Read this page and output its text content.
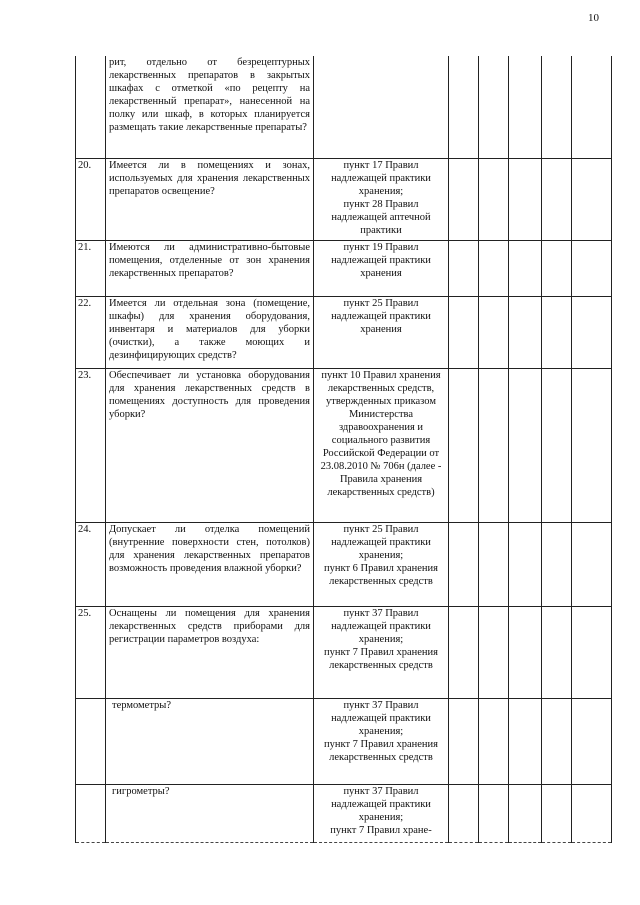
10
	рит, отдельно от безрецептурных лекарственных препаратов в закрытых шкафах с отметкой «по рецепту на лекарственный препарат», нанесенной на полку или шкаф, в которых планируется размещать такие лекарственные препараты?						
20.	Имеется ли в помещениях и зонах, используемых для хранения лекарственных препаратов освещение?	пункт 17 Правил надлежащей практики хранения;
пункт 28 Правил надлежащей аптечной практики					
21.	Имеются ли административно-бытовые помещения, отделенные от зон хранения лекарственных препаратов?	пункт 19 Правил надлежащей практики хранения					
22.	Имеется ли отдельная зона (помещение, шкафы) для хранения оборудования, инвентаря и материалов для уборки (очистки), а также моющих и дезинфицирующих средств?	пункт 25 Правил надлежащей практики хранения					
23.	Обеспечивает ли установка оборудования для хранения лекарственных средств в помещениях доступность для проведения уборки?	пункт 10 Правил хранения лекарственных средств, утвержденных приказом Министерства здравоохранения и социального развития Российской Федерации от 23.08.2010 № 706н (далее - Правила хранения лекарственных средств)					
24.	Допускает ли отделка помещений (внутренние поверхности стен, потолков) для хранения лекарственных препаратов возможность проведения влажной уборки?	пункт 25 Правил надлежащей практики хранения;
пункт 6 Правил хранения лекарственных средств					
25.	Оснащены ли помещения для хранения лекарственных средств приборами для регистрации параметров воздуха:	пункт 37 Правил надлежащей практики хранения;
пункт 7 Правил хранения лекарственных средств					
	термометры?	пункт 37 Правил надлежащей практики хранения;
пункт 7 Правил хранения лекарственных средств					
	гигрометры?	пункт 37 Правил надлежащей практики хранения;
пункт 7 Правил хране-					
